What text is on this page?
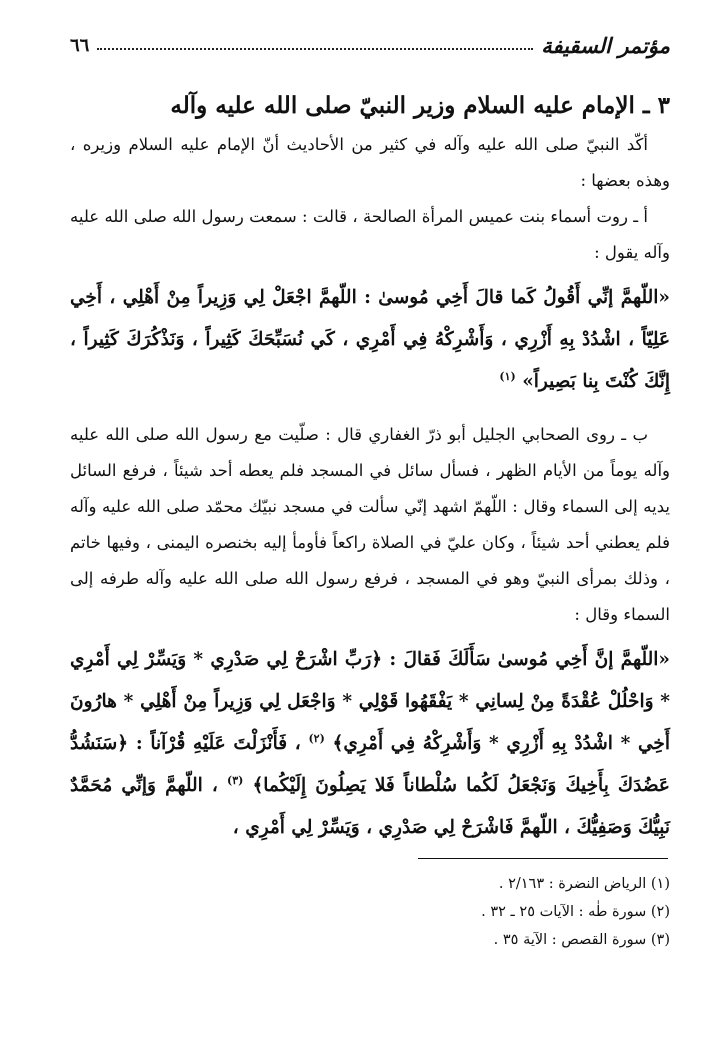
مؤتمر السقيفة
٦٦
٣ ـ الإمام عليه السلام وزير النبيّ صلى الله عليه وآله

أكّد النبيّ صلى الله عليه وآله في كثير من الأحاديث أنّ الإمام عليه السلام وزيره ، وهذه بعضها :

أ ـ روت أسماء بنت عميس المرأة الصالحة ، قالت : سمعت رسول الله صلى الله عليه وآله يقول :

«اللّهمَّ إنِّي أَقُولُ كَما قالَ أَخِي مُوسىٰ : اللّهمَّ اجْعَلْ لِي وَزِيراً مِنْ أَهْلِي ، أَخِي عَلِيّاً ، اشْدُدْ بِهِ أَزْرِي ، وَأَشْرِكْهُ فِي أَمْرِي ، كَي نُسَبِّحَكَ كَثِيراً ، وَنَذْكُرَكَ كَثِيراً ، إِنَّكَ كُنْتَ بِنا بَصِيراً» $^{(١)}$

ب ـ روى الصحابي الجليل أبو ذرّ الغفاري قال : صلّيت مع رسول الله صلى الله عليه وآله يوماً من الأيام الظهر ، فسأل سائل في المسجد فلم يعطه أحد شيئاً ، فرفع السائل يديه إلى السماء وقال : اللّهمّ اشهد إنّي سألت في مسجد نبيّك محمّد صلى الله عليه وآله فلم يعطني أحد شيئاً ، وكان عليّ في الصلاة راكعاً فأومأ إليه بخنصره اليمنى ، وفيها خاتم ، وذلك بمرأى النبيّ وهو في المسجد ، فرفع رسول الله صلى الله عليه وآله طرفه إلى السماء وقال :

«اللّهمَّ إنَّ أَخِي مُوسىٰ سَأَلَكَ فَقالَ : ﴿رَبِّ اشْرَحْ لِي صَدْرِي * وَيَسِّرْ لِي أَمْرِي * وَاحْلُلْ عُقْدَةً مِنْ لِسانِي * يَفْقَهُوا قَوْلِي * وَاجْعَل لِي وَزِيراً مِنْ أَهْلِي * هارُونَ أَخِي * اشْدُدْ بِهِ أَزْرِي * وَأَشْرِكْهُ فِي أَمْرِي﴾ $^{(٢)}$ ، فَأَنْزَلْتَ عَلَيْهِ قُرْآناً : ﴿سَنَشُدُّ عَضُدَكَ بِأَخِيكَ وَنَجْعَلُ لَكُما سُلْطاناً فَلا يَصِلُونَ إِلَيْكُما﴾ $^{(٣)}$ ، اللّهمَّ وَإنِّي مُحَمَّدٌ نَبِيُّكَ وَصَفِيُّكَ ، اللّهمَّ فَاشْرَحْ لِي صَدْرِي ، وَيَسِّرْ لِي أَمْرِي ،

(١) الرياض النضرة : ٢/١٦٣ .

(٢) سورة طٰه : الآيات ٢٥ ـ ٣٢ .

(٣) سورة القصص : الآية ٣٥ .
